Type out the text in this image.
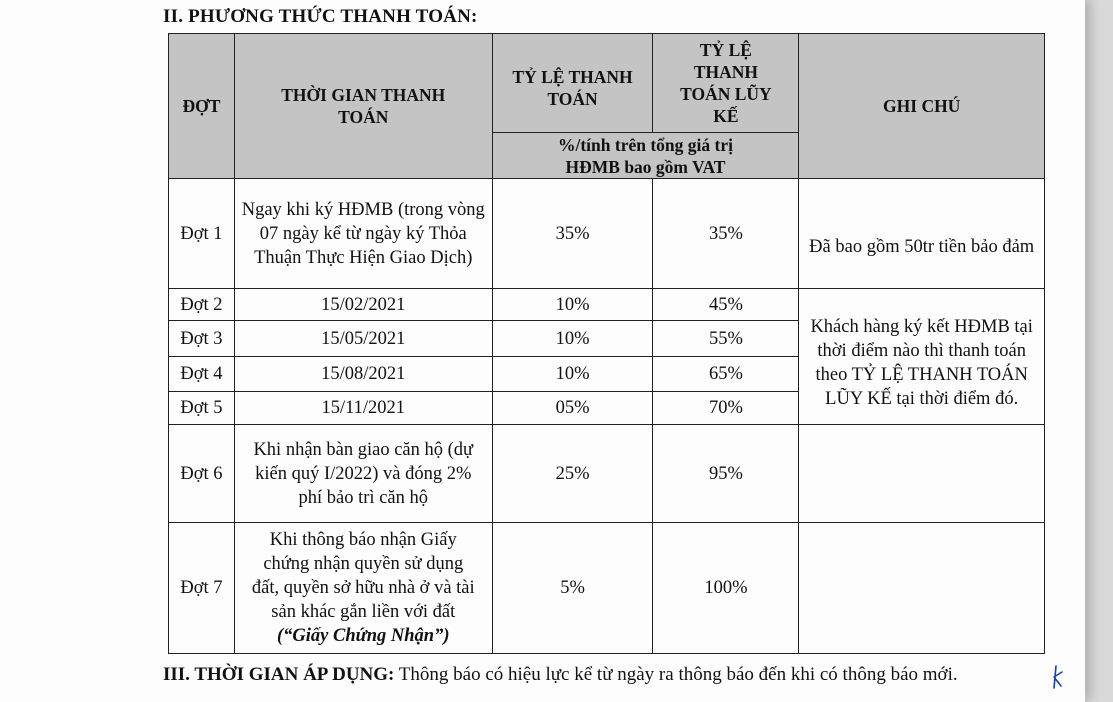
II. PHƯƠNG THỨC THANH TOÁN:
ĐỢT	THỜI GIAN THANH TOÁN	TỶ LỆ THANH TOÁN	TỶ LỆ THANH TOÁN LŨY KẾ	GHI CHÚ
		%/tính trên tổng giá trị HĐMB bao gồm VAT		
Đợt 1	Ngay khi ký HĐMB (trong vòng 07 ngày kể từ ngày ký Thỏa Thuận Thực Hiện Giao Dịch)	35%	35%	Đã bao gồm 50tr tiền bảo đảm
Đợt 2	15/02/2021	10%	45%	Khách hàng ký kết HĐMB tại thời điểm nào thì thanh toán theo TỶ LỆ THANH TOÁN LŨY KẾ tại thời điểm đó.
Đợt 3	15/05/2021	10%	55%	
Đợt 4	15/08/2021	10%	65%	
Đợt 5	15/11/2021	05%	70%	
Đợt 6	Khi nhận bàn giao căn hộ (dự kiến quý I/2022) và đóng 2% phí bảo trì căn hộ	25%	95%	
Đợt 7	Khi thông báo nhận Giấy chứng nhận quyền sử dụng đất, quyền sở hữu nhà ở và tài sản khác gắn liền với đất (“Giấy Chứng Nhận”)	5%	100%	
III. THỜI GIAN ÁP DỤNG: Thông báo có hiệu lực kể từ ngày ra thông báo đến khi có thông báo mới.
